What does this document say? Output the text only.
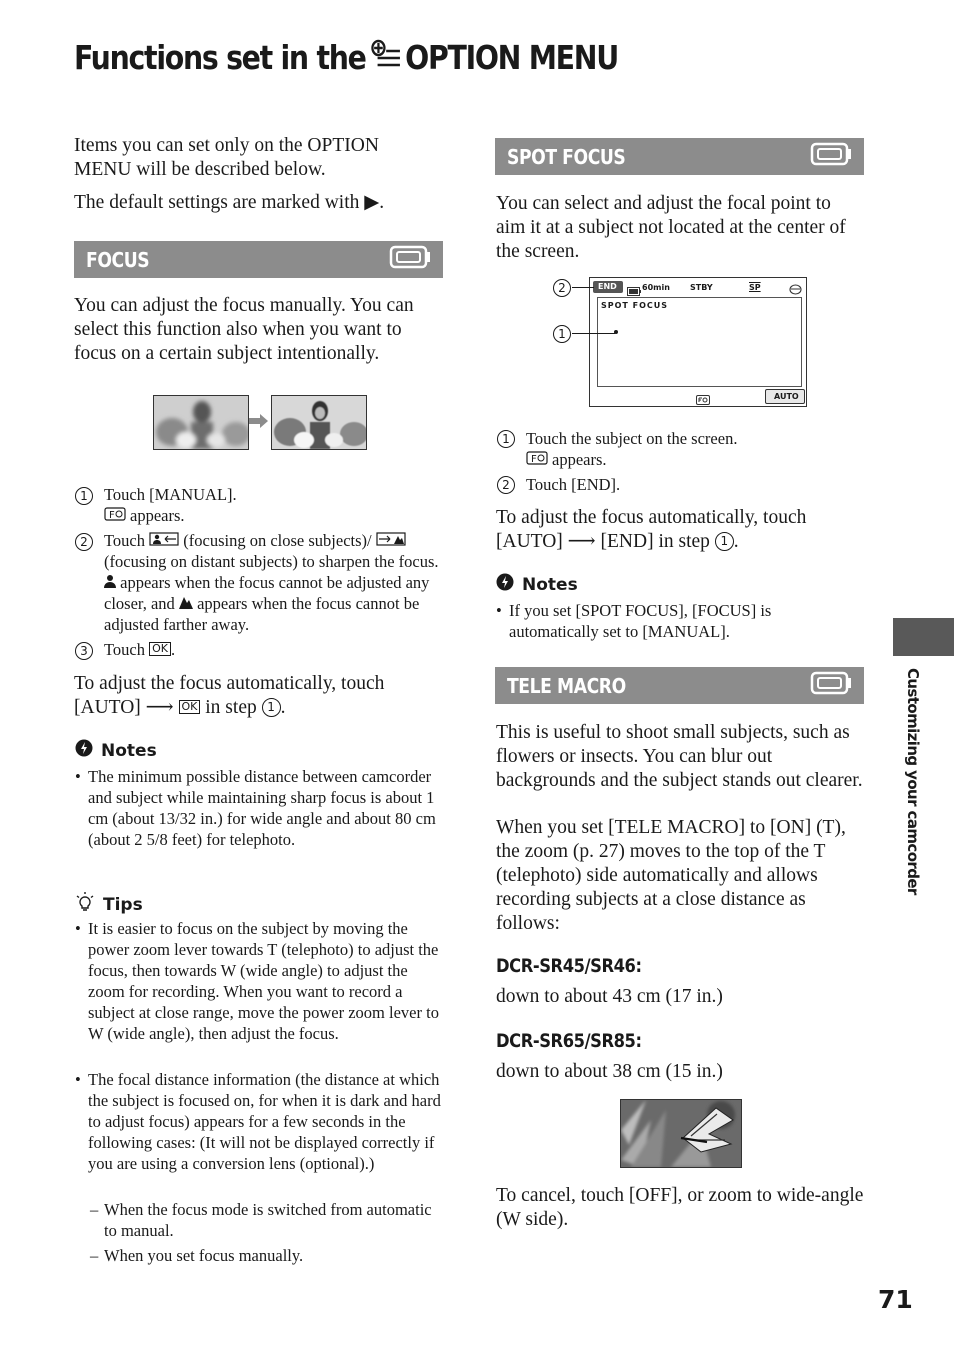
Functions set in the OPTION MENU

Items you can set only on the OPTION MENU will be described below.

The default settings are marked with ▶.

FOCUS

You can adjust the focus manually. You can select this function also when you want to focus on a certain subject intentionally.

1 Touch [MANUAL].
F appears.
2 Touch (focusing on close subjects)/  (focusing on distant subjects) to sharpen the focus.  appears when the focus cannot be adjusted any closer, and appears when the focus cannot be adjusted farther away.
3 Touch OK .
To adjust the focus automatically, touch [AUTO] ⟶ OK in step 1 .
Notes
• The minimum possible distance between camcorder and subject while maintaining sharp focus is about 1 cm (about 13/32 in.) for wide angle and about 80 cm (about 2 5/8 feet) for telephoto.
Tips
• It is easier to focus on the subject by moving the power zoom lever towards T (telephoto) to adjust the focus, then towards W (wide angle) to adjust the zoom for recording. When you want to record a subject at close range, move the power zoom lever to W (wide angle), then adjust the focus.
• The focal distance information (the distance at which the subject is focused on, for when it is dark and hard to adjust focus) appears for a few seconds in the following cases: (It will not be displayed correctly if you are using a conversion lens (optional).)
– When the focus mode is switched from automatic to manual.
– When you set focus manually.
SPOT FOCUS

You can select and adjust the focal point to aim it at a subject not located at the center of the screen.

END	60min	STBY	SP
SPOT FOCUS
AUTO
2
1
1 Touch the subject on the screen.
F appears.
2 Touch [END].
To adjust the focus automatically, touch [AUTO] ⟶ [END] in step 1 .
Notes
• If you set [SPOT FOCUS], [FOCUS] is automatically set to [MANUAL].
TELE MACRO

This is useful to shoot small subjects, such as flowers or insects. You can blur out backgrounds and the subject stands out clearer.

When you set [TELE MACRO] to [ON] (T), the zoom (p. 27) moves to the top of the T (telephoto) side automatically and allows recording subjects at a close distance as follows:

DCR-SR45/SR46:

down to about 43 cm (17 in.)

DCR-SR65/SR85:

down to about 38 cm (15 in.)

To cancel, touch [OFF], or zoom to wide-angle (W side).

Customizing your camcorder
71
